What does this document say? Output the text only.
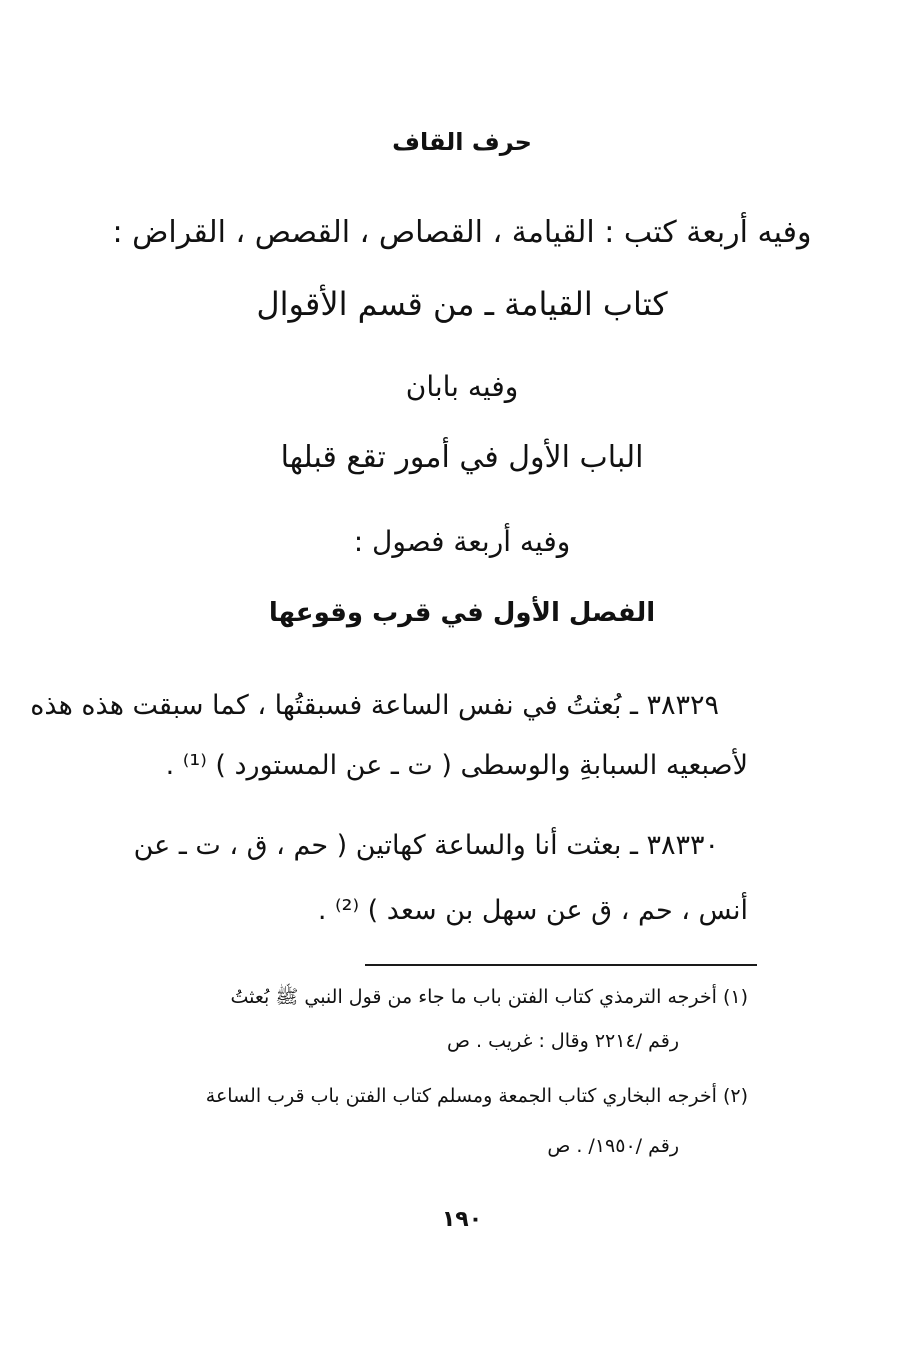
حرف القاف
وفيه أربعة كتب : القيامة ، القصاص ، القصص ، القراض :
كتاب القيامة ـ من قسم الأقوال
وفيه بابان
الباب الأول في أمور تقع قبلها
وفيه أربعة فصول :
الفصل الأول في قرب وقوعها
٣٨٣٢٩ ـ بُعثتُ في نفس الساعة فسبقتُها ، كما سبقت هذه هذه
لأصبعيه السبابةِ والوسطى ( ت ـ عن المستورد ) ⁽¹⁾ .
٣٨٣٣٠ ـ بعثت أنا والساعة كهاتين ( حم ، ق ، ت ـ عن
أنس ، حم ، ق عن سهل بن سعد ) ⁽²⁾ .
(١) أخرجه الترمذي كتاب الفتن باب ما جاء من قول النبي ﷺ بُعثتُ
رقم /٢٢١٤ وقال : غريب . ص
(٢) أخرجه البخاري كتاب الجمعة ومسلم كتاب الفتن باب قرب الساعة
رقم /١٩٥٠/ . ص
١٩٠
